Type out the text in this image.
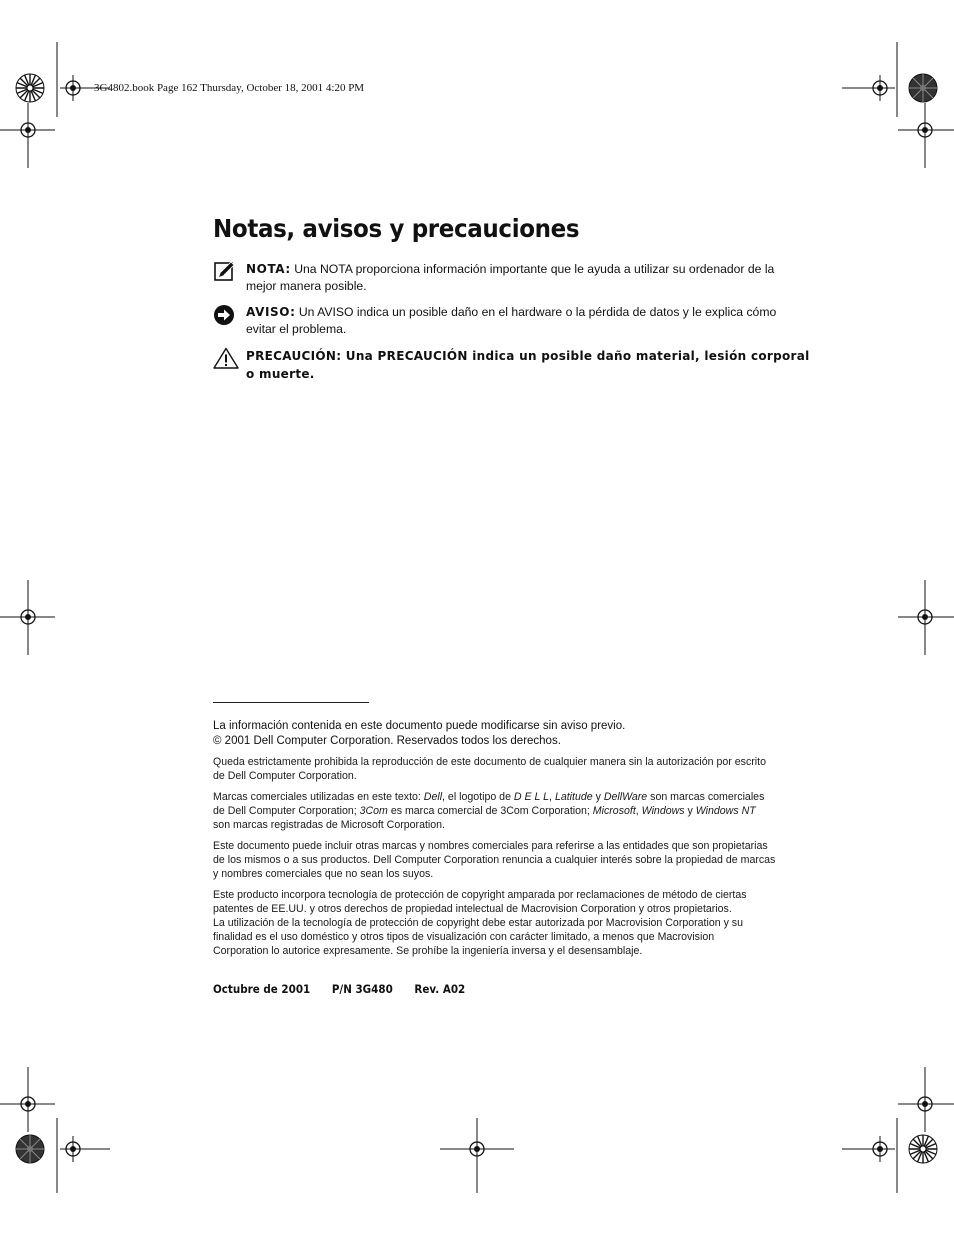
3G4802.book Page 162 Thursday, October 18, 2001 4:20 PM
Notas, avisos y precauciones
NOTA: Una NOTA proporciona información importante que le ayuda a utilizar su ordenador de la
mejor manera posible.
AVISO: Un AVISO indica un posible daño en el hardware o la pérdida de datos y le explica cómo
evitar el problema.
PRECAUCIÓN: Una PRECAUCIÓN indica un posible daño material, lesión corporal
o muerte.
La información contenida en este documento puede modificarse sin aviso previo.
© 2001 Dell Computer Corporation. Reservados todos los derechos.

Queda estrictamente prohibida la reproducción de este documento de cualquier manera sin la autorización por escrito

de Dell Computer Corporation.

Marcas comerciales utilizadas en este texto: Dell, el logotipo de D E L L, Latitude y DellWare son marcas comerciales

de Dell Computer Corporation; 3Com es marca comercial de 3Com Corporation; Microsoft, Windows y Windows NT

son marcas registradas de Microsoft Corporation.

Este documento puede incluir otras marcas y nombres comerciales para referirse a las entidades que son propietarias

de los mismos o a sus productos. Dell Computer Corporation renuncia a cualquier interés sobre la propiedad de marcas

y nombres comerciales que no sean los suyos.

Este producto incorpora tecnología de protección de copyright amparada por reclamaciones de método de ciertas

patentes de EE.UU. y otros derechos de propiedad intelectual de Macrovision Corporation y otros propietarios.

La utilización de la tecnología de protección de copyright debe estar autorizada por Macrovision Corporation y su

finalidad es el uso doméstico y otros tipos de visualización con carácter limitado, a menos que Macrovision

Corporation lo autorice expresamente. Se prohíbe la ingeniería inversa y el desensamblaje.

Octubre de 2001 P/N 3G480 Rev. A02
